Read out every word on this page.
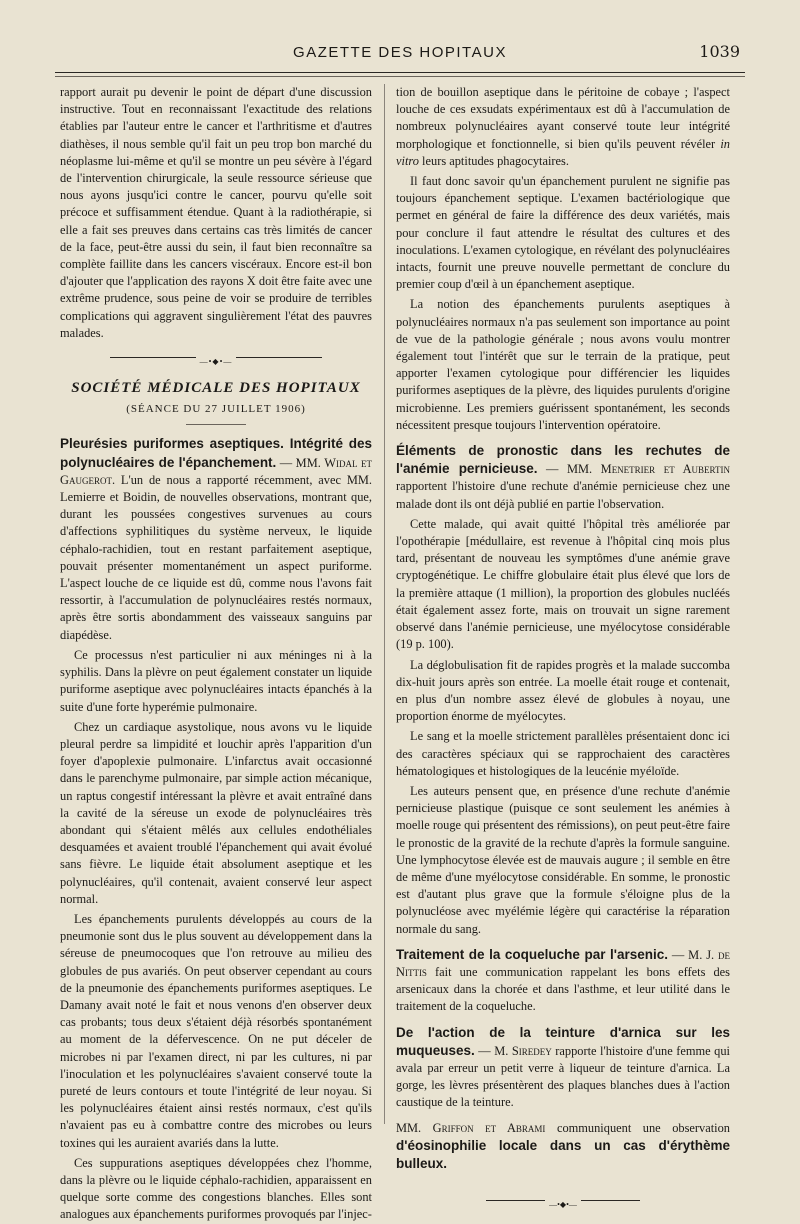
GAZETTE DES HOPITAUX	1039

rapport aurait pu devenir le point de départ d'une discussion instructive. Tout en reconnaissant l'exactitude des relations établies par l'auteur entre le cancer et l'arthritisme et d'autres diathèses, il nous semble qu'il fait un peu trop bon marché du néoplasme lui-même et qu'il se montre un peu sévère à l'égard de l'intervention chirurgicale, la seule ressource sérieuse que nous ayons jusqu'ici contre le cancer, pourvu qu'elle soit précoce et suffisamment étendue. Quant à la radiothérapie, si elle a fait ses preuves dans certains cas très limités de cancer de la face, peut-être aussi du sein, il faut bien reconnaître sa complète faillite dans les cancers viscéraux. Encore est-il bon d'ajouter que l'application des rayons X doit être faite avec une extrême prudence, sous peine de voir se produire de terribles complications qui aggravent singulièrement l'état des pauvres malades.

—•◆•—
SOCIÉTÉ MÉDICALE DES HOPITAUX
(SÉANCE DU 27 JUILLET 1906)

Pleurésies puriformes aseptiques. Intégrité des polynucléaires de l'épanchement. — MM. Widal et Gaugerot. L'un de nous a rapporté récemment, avec MM. Lemierre et Boidin, de nouvelles observations, montrant que, durant les poussées congestives survenues au cours d'affections syphilitiques du système nerveux, le liquide céphalo-rachidien, tout en restant parfaitement aseptique, pouvait présenter momentanément un aspect puriforme. L'aspect louche de ce liquide est dû, comme nous l'avons fait ressortir, à l'accumulation de polynucléaires restés normaux, après être sortis abondamment des vaisseaux sanguins par diapédèse.

Ce processus n'est particulier ni aux méninges ni à la syphilis. Dans la plèvre on peut également constater un liquide puriforme aseptique avec polynucléaires intacts épanchés à la suite d'une forte hyperémie pulmonaire.

Chez un cardiaque asystolique, nous avons vu le liquide pleural perdre sa limpidité et louchir après l'apparition d'un foyer d'apoplexie pulmonaire. L'infarctus avait occasionné dans le parenchyme pulmonaire, par simple action mécanique, un raptus congestif intéressant la plèvre et avait entraîné dans la cavité de la séreuse un exode de polynucléaires très abondant qui s'étaient mêlés aux cellules endothéliales desquamées et avaient troublé l'épanchement qui avait évolué sans fièvre. Le liquide était absolument aseptique et les polynucléaires, qu'il contenait, avaient conservé leur aspect normal.

Les épanchements purulents développés au cours de la pneumonie sont dus le plus souvent au développement dans la séreuse de pneumocoques que l'on retrouve au milieu des globules de pus avariés. On peut observer cependant au cours de la pneumonie des épanchements puriformes aseptiques. Le Damany avait noté le fait et nous venons d'en observer deux cas probants; tous deux s'étaient déjà résorbés spontanément au moment de la défervescence. On ne put déceler de microbes ni par l'examen direct, ni par les cultures, ni par l'inoculation et les polynucléaires s'avaient conservé toute la pureté de leurs contours et toute l'intégrité de leur noyau. Si les polynucléaires étaient ainsi restés normaux, c'est qu'ils n'avaient pas eu à combattre contre des microbes ou leurs toxines qui les auraient avariés dans la lutte.

Ces suppurations aseptiques développées chez l'homme, dans la plèvre ou le liquide céphalo-rachidien, apparaissent en quelque sorte comme des congestions blanches. Elles sont analogues aux épanchements puriformes provoqués par l'injec-

tion de bouillon aseptique dans le péritoine de cobaye ; l'aspect louche de ces exsudats expérimentaux est dû à l'accumulation de nombreux polynucléaires ayant conservé toute leur intégrité morphologique et fonctionnelle, si bien qu'ils peuvent révéler in vitro leurs aptitudes phagocytaires.

Il faut donc savoir qu'un épanchement purulent ne signifie pas toujours épanchement septique. L'examen bactériologique que permet en général de faire la différence des deux variétés, mais pour conclure il faut attendre le résultat des cultures et des inoculations. L'examen cytologique, en révélant des polynucléaires intacts, fournit une preuve nouvelle permettant de conclure du premier coup d'œil à un épanchement aseptique.

La notion des épanchements purulents aseptiques à polynucléaires normaux n'a pas seulement son importance au point de vue de la pathologie générale ; nous avons voulu montrer également tout l'intérêt que sur le terrain de la pratique, peut apporter l'examen cytologique pour différencier les liquides puriformes aseptiques de la plèvre, des liquides purulents d'origine microbienne. Les premiers guérissent spontanément, les seconds nécessitent presque toujours l'intervention opératoire.

Éléments de pronostic dans les rechutes de l'anémie pernicieuse. — MM. Menetrier et Aubertin rapportent l'histoire d'une rechute d'anémie pernicieuse chez une malade dont ils ont déjà publié en partie l'observation.

Cette malade, qui avait quitté l'hôpital très améliorée par l'opothérapie [médullaire, est revenue à l'hôpital cinq mois plus tard, présentant de nouveau les symptômes d'une anémie grave cryptogénétique. Le chiffre globulaire était plus élevé que lors de la première attaque (1 million), la proportion des globules nucléés était également assez forte, mais on trouvait un signe rarement observé dans l'anémie pernicieuse, une myélocytose considérable (19 p. 100).

La déglobulisation fit de rapides progrès et la malade succomba dix-huit jours après son entrée. La moelle était rouge et contenait, en plus d'un nombre assez élevé de globules à noyau, une proportion énorme de myélocytes.

Le sang et la moelle strictement parallèles présentaient donc ici des caractères spéciaux qui se rapprochaient des caractères hématologiques et histologiques de la leucénie myéloïde.

Les auteurs pensent que, en présence d'une rechute d'anémie pernicieuse plastique (puisque ce sont seulement les anémies à moelle rouge qui présentent des rémissions), on peut peut-être faire le pronostic de la gravité de la rechute d'après la formule sanguine. Une lymphocytose élevée est de mauvais augure ; il semble en être de même d'une myélocytose considérable. En somme, le pronostic est d'autant plus grave que la formule s'éloigne plus de la polynucléose avec myélémie légère qui caractérise la réparation normale du sang.

Traitement de la coqueluche par l'arsenic. — M. J. de Nittis fait une communication rappelant les bons effets des arsenicaux dans la chorée et dans l'asthme, et leur utilité dans le traitement de la coqueluche.

De l'action de la teinture d'arnica sur les muqueuses. — M. Siredey rapporte l'histoire d'une femme qui avala par erreur un petit verre à liqueur de teinture d'arnica. La gorge, les lèvres présentèrent des plaques blanches dues à l'action caustique de la teinture.

MM. Griffon et Abrami communiquent une observation d'éosinophilie locale dans un cas d'érythème bulleux.

—•◆•—
